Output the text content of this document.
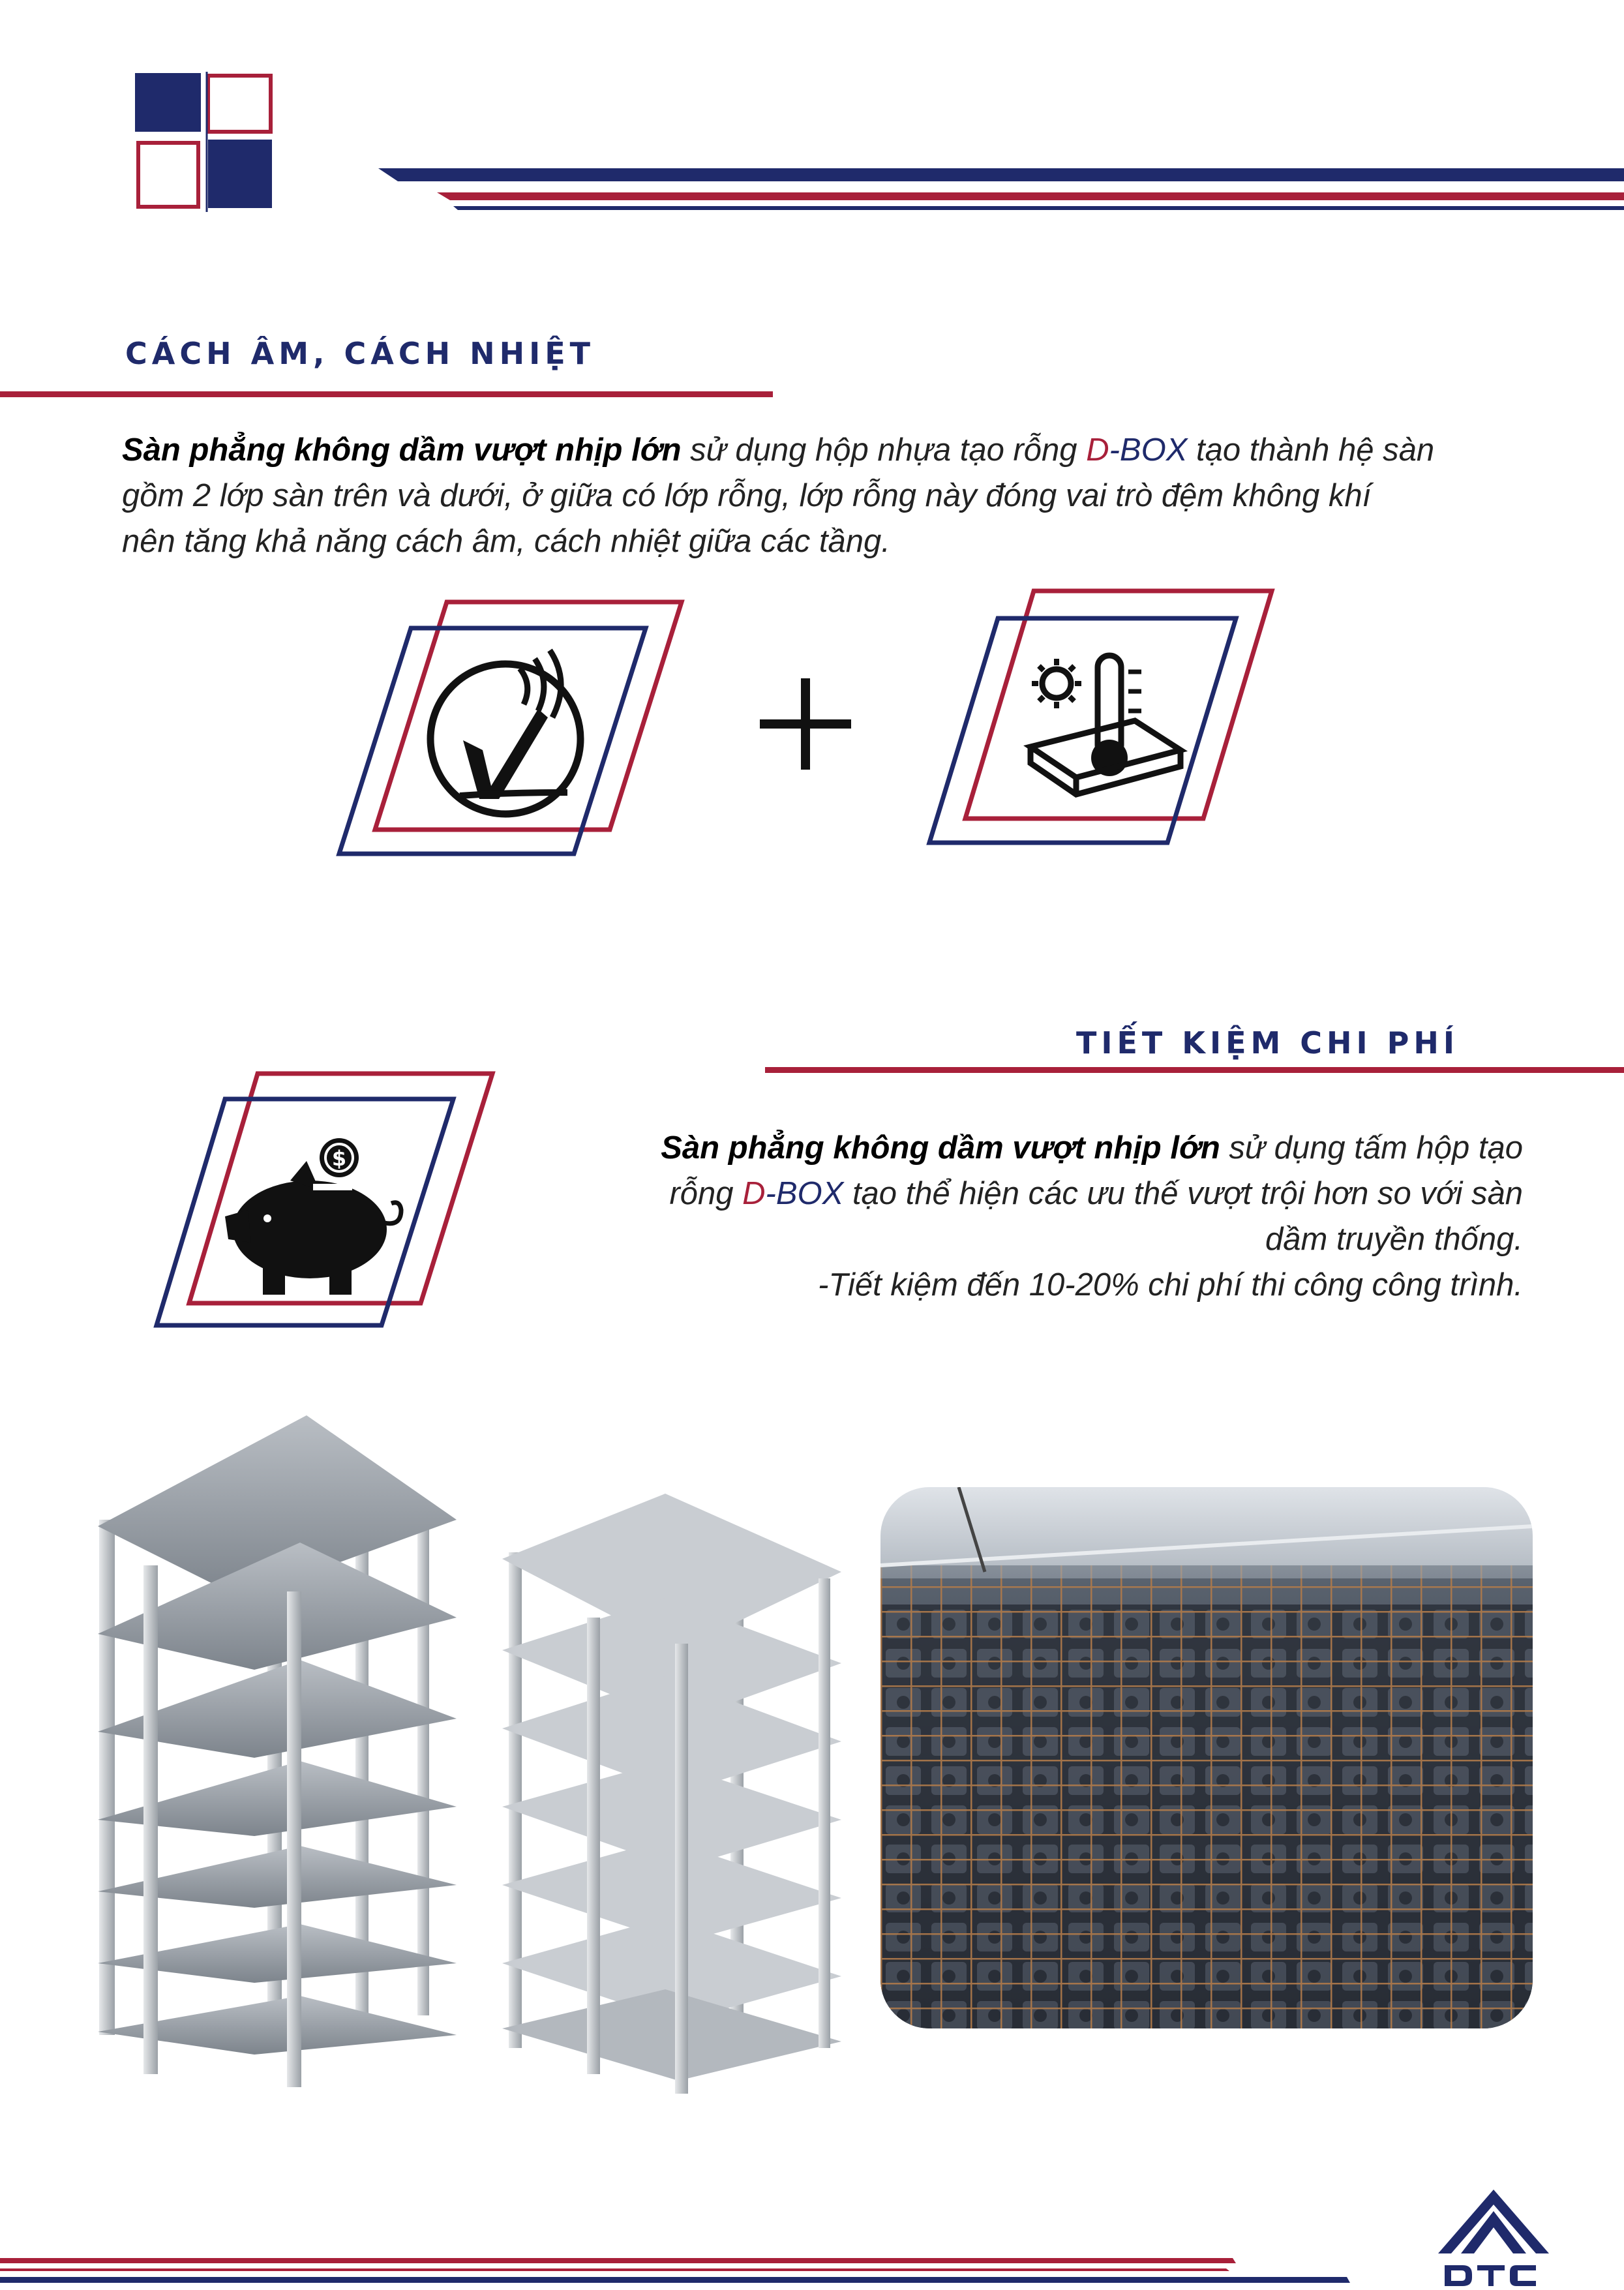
CÁCH ÂM, CÁCH NHIỆT
Sàn phẳng không dầm vượt nhịp lớn sử dụng hộp nhựa tạo rỗng D-BOX tạo thành hệ sàn
gồm 2 lớp sàn trên và dưới, ở giữa có lớp rỗng, lớp rỗng này đóng vai trò đệm không khí
nên tăng khả năng cách âm, cách nhiệt giữa các tầng.
TIẾT KIỆM CHI PHÍ
$	Sàn phẳng không dầm vượt nhịp lớn sử dụng tấm hộp tạo
rỗng D-BOX tạo thể hiện các ưu thế vượt trội hơn so với sàn
dầm truyền thống.
-Tiết kiệm đến 10-20% chi phí thi công công trình.
